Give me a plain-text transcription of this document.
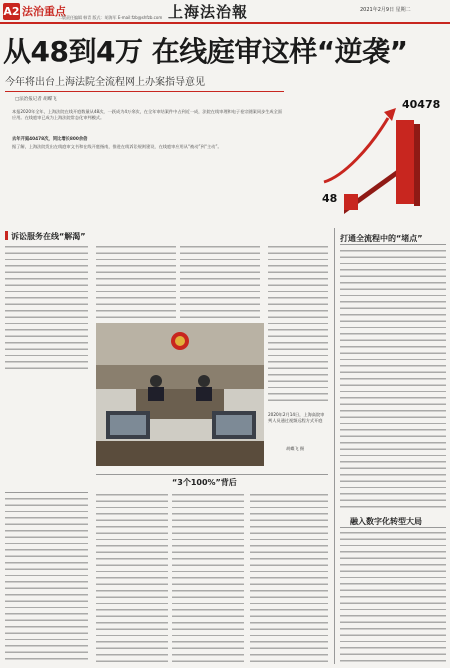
A2 法治重点
二版责任编辑 韩青 版式：胡海军 E-mail:fzb@shfzb.com 上海法治報	2021年2月9日 星期二
从48到4万 在线庭审这样“逆袭”
今年将出台上海法院全流程网上办案指导意见
□法治报记者 胡蝶飞
本报2020年全年，上海法院在线开庭数量从48次，一跃成为4万余次，在全年审结案件中占到近一成，法院在线审理和电子卷宗随案同步生成全面应用。在线庭审已成为上海法院常态化审判模式。
去年开庭40478次，同比增长800余倍
据了解，上海法院发出在线庭审文书和在线开庭指南，推进在线诉讼规则建设，在线庭审应用从“被动”到“主动”。
48
40478
诉讼服务在线“解渴”
2020年2月14日，上海高院审判人员通过视频远程方式开庭
胡蝶飞 摄
“3个100%”背后
打通全流程中的“堵点”
融入数字化转型大局
